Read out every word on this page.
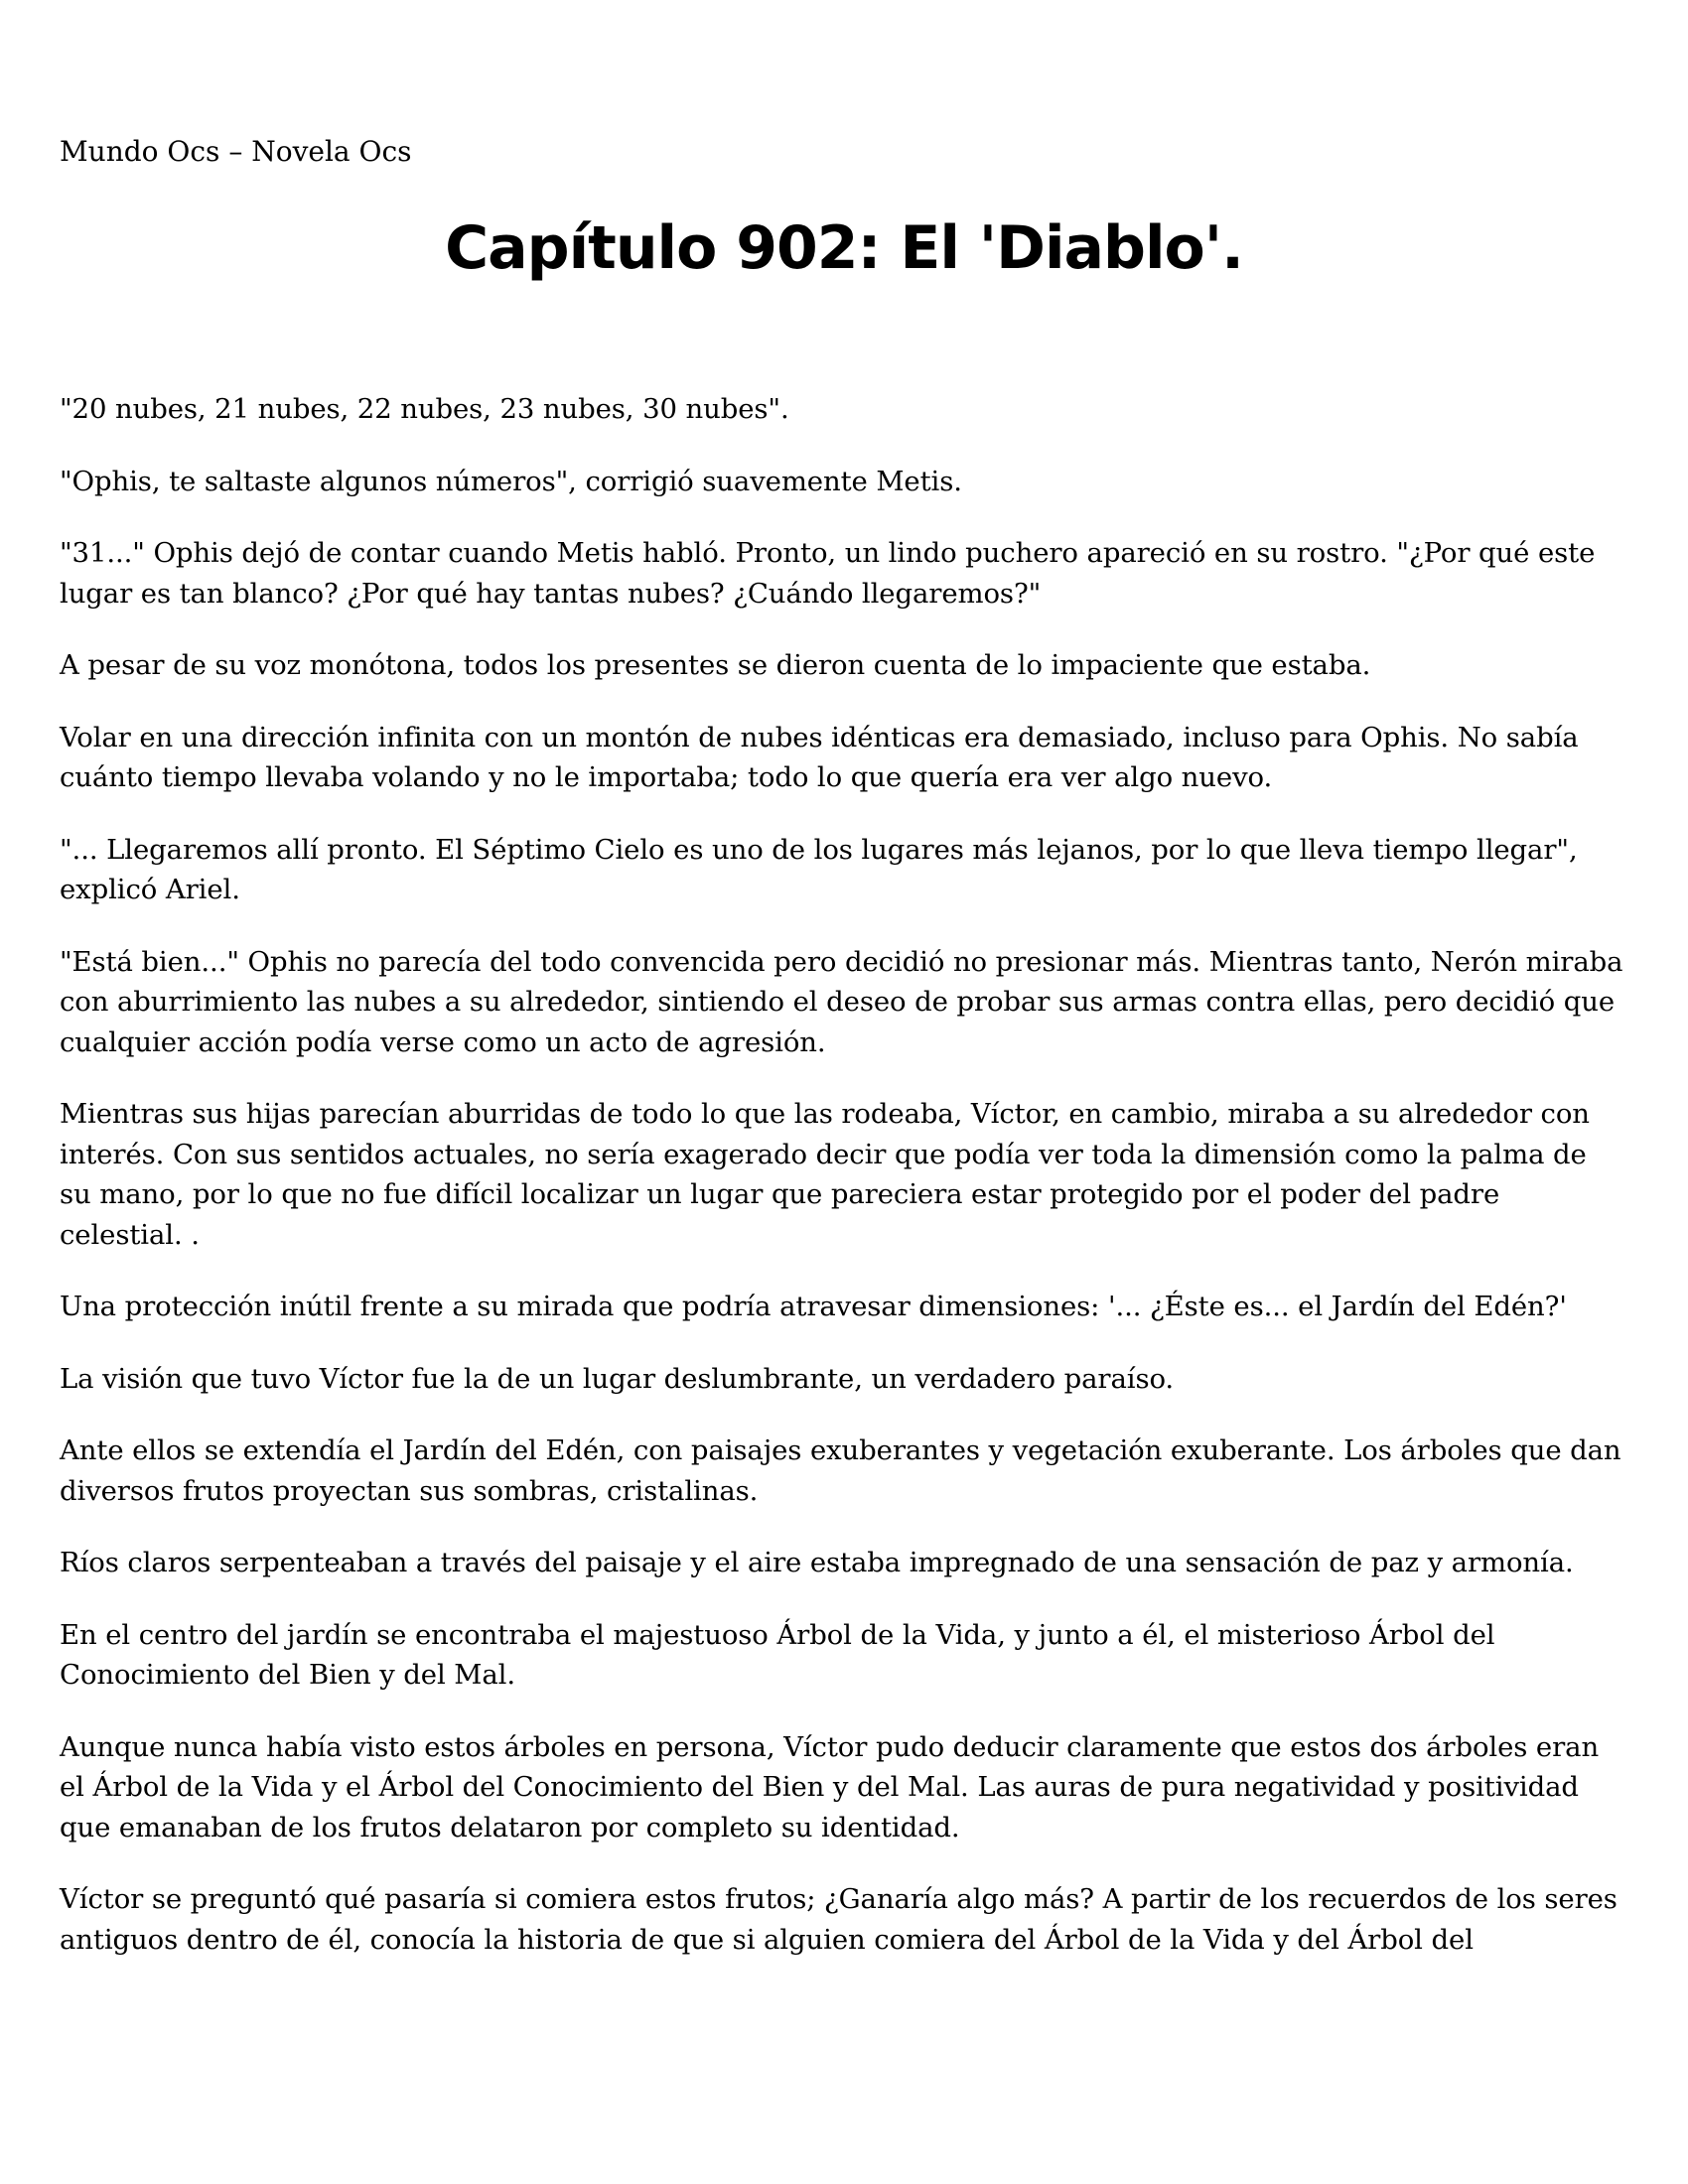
Mundo Ocs – Novela Ocs
Capítulo 902: El 'Diablo'.

"20 nubes, 21 nubes, 22 nubes, 23 nubes, 30 nubes".

"Ophis, te saltaste algunos números", corrigió suavemente Metis.

"31..." Ophis dejó de contar cuando Metis habló. Pronto, un lindo puchero apareció en su rostro. "¿Por qué este
lugar es tan blanco? ¿Por qué hay tantas nubes? ¿Cuándo llegaremos?"

A pesar de su voz monótona, todos los presentes se dieron cuenta de lo impaciente que estaba.

Volar en una dirección infinita con un montón de nubes idénticas era demasiado, incluso para Ophis. No sabía
cuánto tiempo llevaba volando y no le importaba; todo lo que quería era ver algo nuevo.

"... Llegaremos allí pronto. El Séptimo Cielo es uno de los lugares más lejanos, por lo que lleva tiempo llegar",
explicó Ariel.

"Está bien..." Ophis no parecía del todo convencida pero decidió no presionar más. Mientras tanto, Nerón miraba
con aburrimiento las nubes a su alrededor, sintiendo el deseo de probar sus armas contra ellas, pero decidió que
cualquier acción podía verse como un acto de agresión.

Mientras sus hijas parecían aburridas de todo lo que las rodeaba, Víctor, en cambio, miraba a su alrededor con
interés. Con sus sentidos actuales, no sería exagerado decir que podía ver toda la dimensión como la palma de
su mano, por lo que no fue difícil localizar un lugar que pareciera estar protegido por el poder del padre
celestial. .

Una protección inútil frente a su mirada que podría atravesar dimensiones: '... ¿Éste es... el Jardín del Edén?'

La visión que tuvo Víctor fue la de un lugar deslumbrante, un verdadero paraíso.

Ante ellos se extendía el Jardín del Edén, con paisajes exuberantes y vegetación exuberante. Los árboles que dan
diversos frutos proyectan sus sombras, cristalinas.

Ríos claros serpenteaban a través del paisaje y el aire estaba impregnado de una sensación de paz y armonía.

En el centro del jardín se encontraba el majestuoso Árbol de la Vida, y junto a él, el misterioso Árbol del
Conocimiento del Bien y del Mal.

Aunque nunca había visto estos árboles en persona, Víctor pudo deducir claramente que estos dos árboles eran
el Árbol de la Vida y el Árbol del Conocimiento del Bien y del Mal. Las auras de pura negatividad y positividad
que emanaban de los frutos delataron por completo su identidad.

Víctor se preguntó qué pasaría si comiera estos frutos; ¿Ganaría algo más? A partir de los recuerdos de los seres
antiguos dentro de él, conocía la historia de que si alguien comiera del Árbol de la Vida y del Árbol del
